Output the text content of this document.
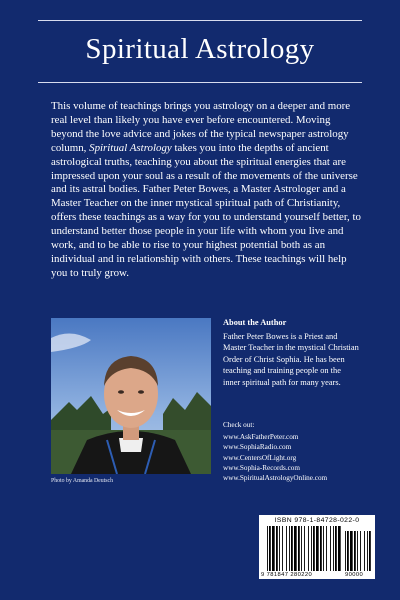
Spiritual Astrology

This volume of teachings brings you astrology on a deeper and more real level than likely you have ever before encountered. Moving beyond the love advice and jokes of the typical newspaper astrology column, Spiritual Astrology takes you into the depths of ancient astrological truths, teaching you about the spiritual energies that are impressed upon your soul as a result of the movements of the universe and its astral bodies. Father Peter Bowes, a Master Astrologer and a Master Teacher on the inner mystical spiritual path of Christianity, offers these teachings as a way for you to understand yourself better, to understand better those people in your life with whom you live and work, and to be able to rise to your highest potential both as an individual and in relationship with others. These teachings will help you to truly grow.

Photo by Amanda Deutsch
About the Author

Father Peter Bowes is a Priest and Master Teacher in the mystical Christian Order of Christ Sophia. He has been teaching and training people on the inner spiritual path for many years.

Check out:
www.AskFatherPeter.com
www.SophiaRadio.com
www.CentersOfLight.org
www.Sophia-Records.com
www.SpiritualAstrologyOnline.com
ISBN 978-1-84728-022-0
9 781847 280220	90000
